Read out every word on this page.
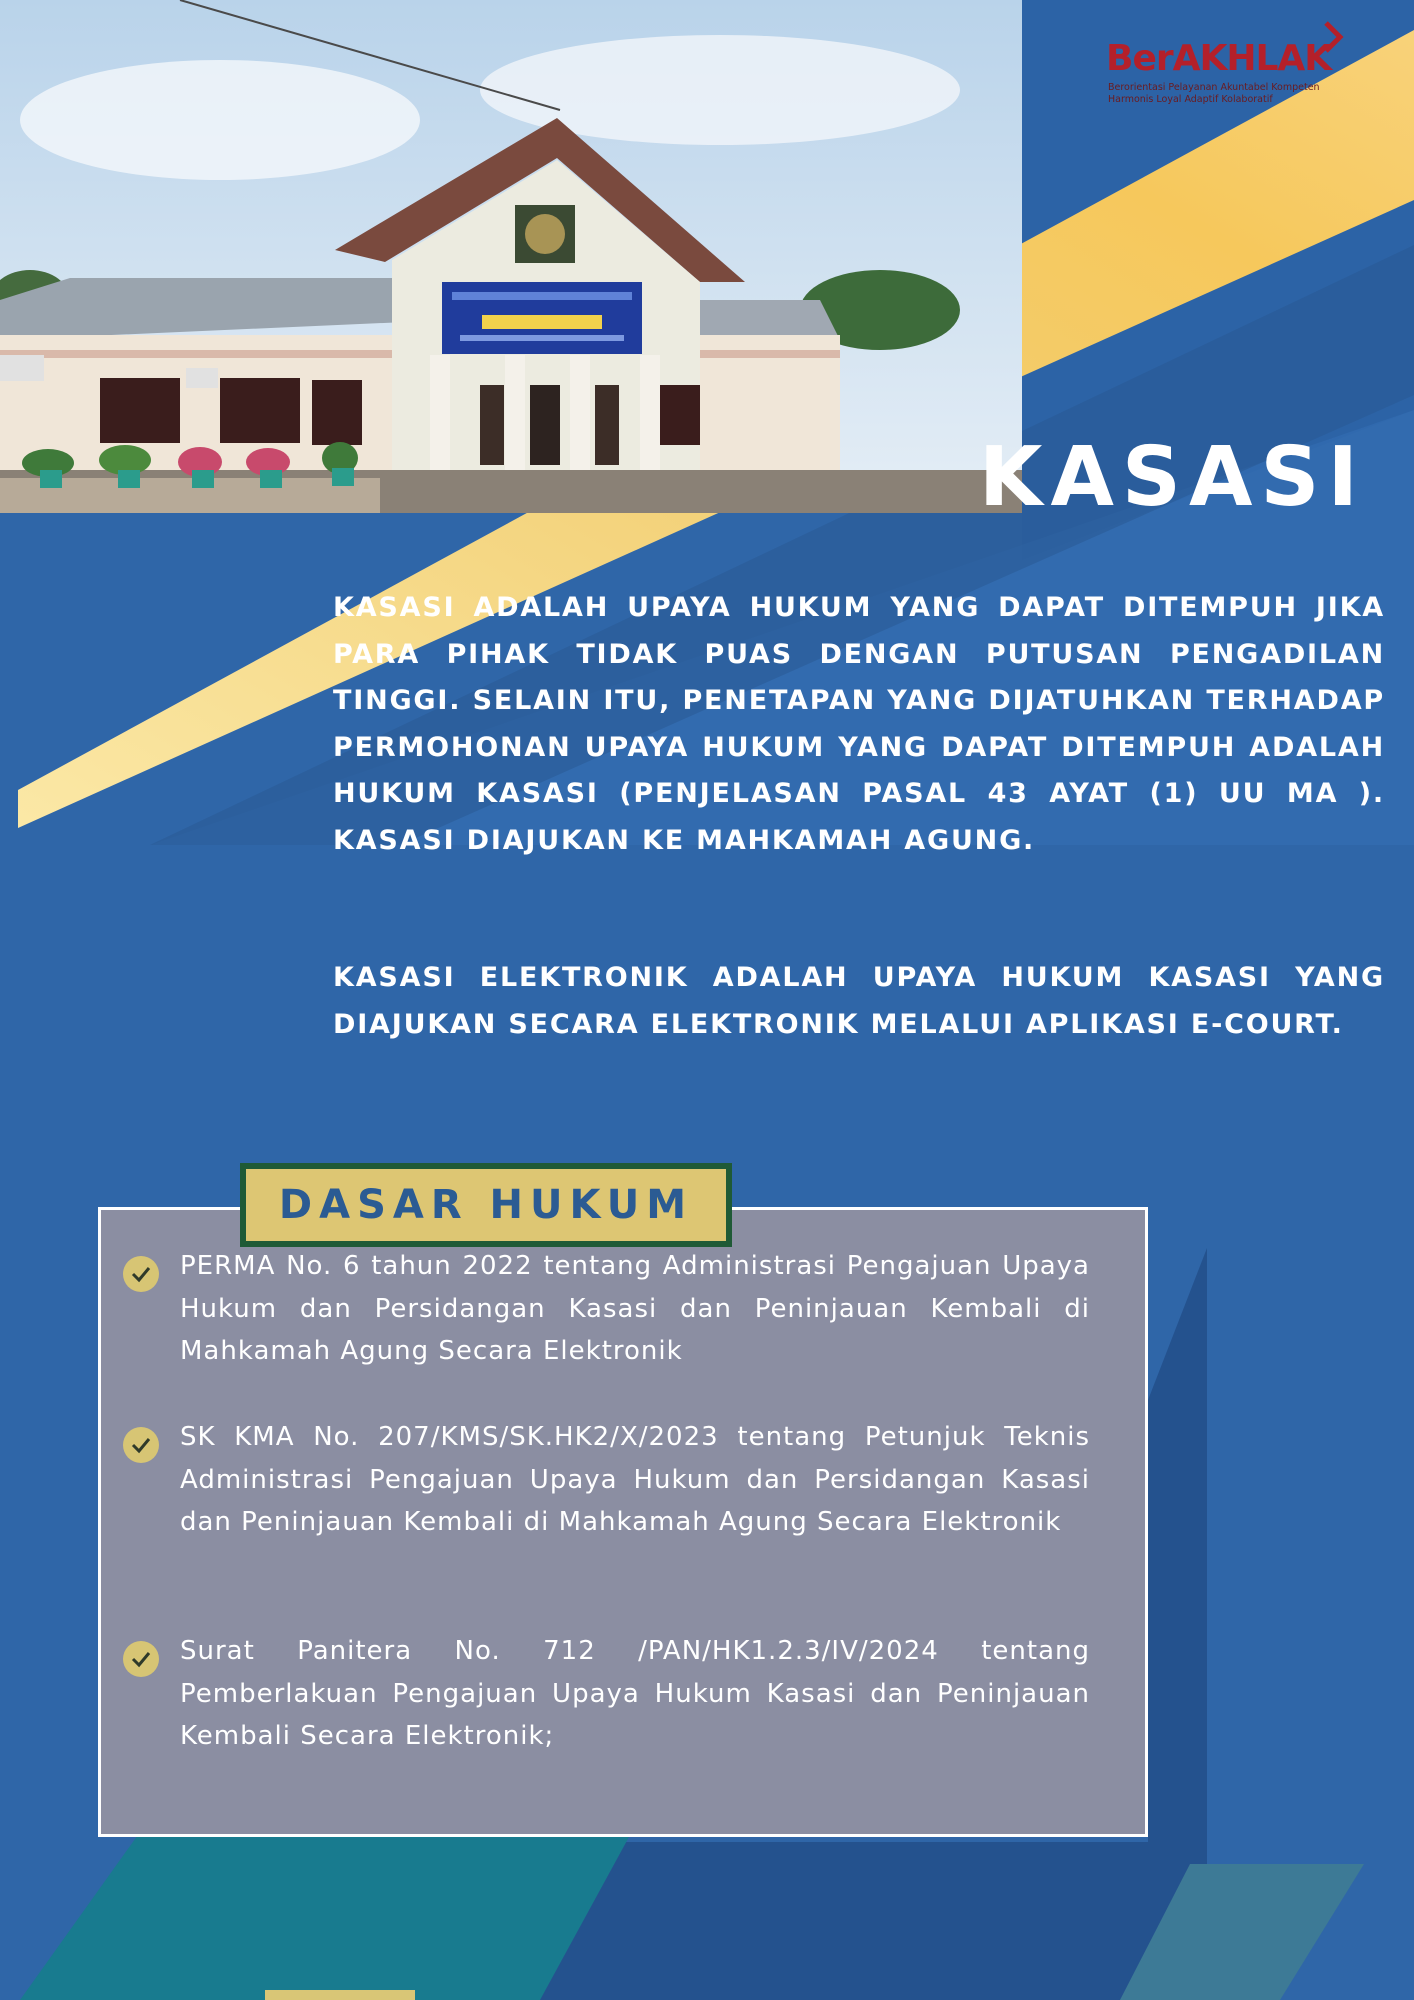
BerAKHLAK
Berorientasi Pelayanan Akuntabel Kompeten Harmonis Loyal Adaptif Kolaboratif
KASASI

KASASI ADALAH UPAYA HUKUM YANG DAPAT DITEMPUH JIKA PARA PIHAK TIDAK PUAS DENGAN PUTUSAN PENGADILAN TINGGI. SELAIN ITU, PENETAPAN YANG DIJATUHKAN TERHADAP PERMOHONAN UPAYA HUKUM YANG DAPAT DITEMPUH ADALAH HUKUM KASASI (PENJELASAN PASAL 43 AYAT (1) UU MA ). KASASI DIAJUKAN KE MAHKAMAH AGUNG.

KASASI ELEKTRONIK ADALAH UPAYA HUKUM KASASI YANG DIAJUKAN SECARA ELEKTRONIK MELALUI APLIKASI E-COURT.

DASAR HUKUM

PERMA No. 6 tahun 2022 tentang Administrasi Pengajuan Upaya Hukum dan Persidangan Kasasi dan Peninjauan Kembali di Mahkamah Agung Secara Elektronik

SK KMA No. 207/KMS/SK.HK2/X/2023 tentang Petunjuk Teknis Administrasi Pengajuan Upaya Hukum dan Persidangan Kasasi dan Peninjauan Kembali di Mahkamah Agung Secara Elektronik

Surat Panitera No. 712 /PAN/HK1.2.3/IV/2024 tentang Pemberlakuan Pengajuan Upaya Hukum Kasasi dan Peninjauan Kembali Secara Elektronik;
